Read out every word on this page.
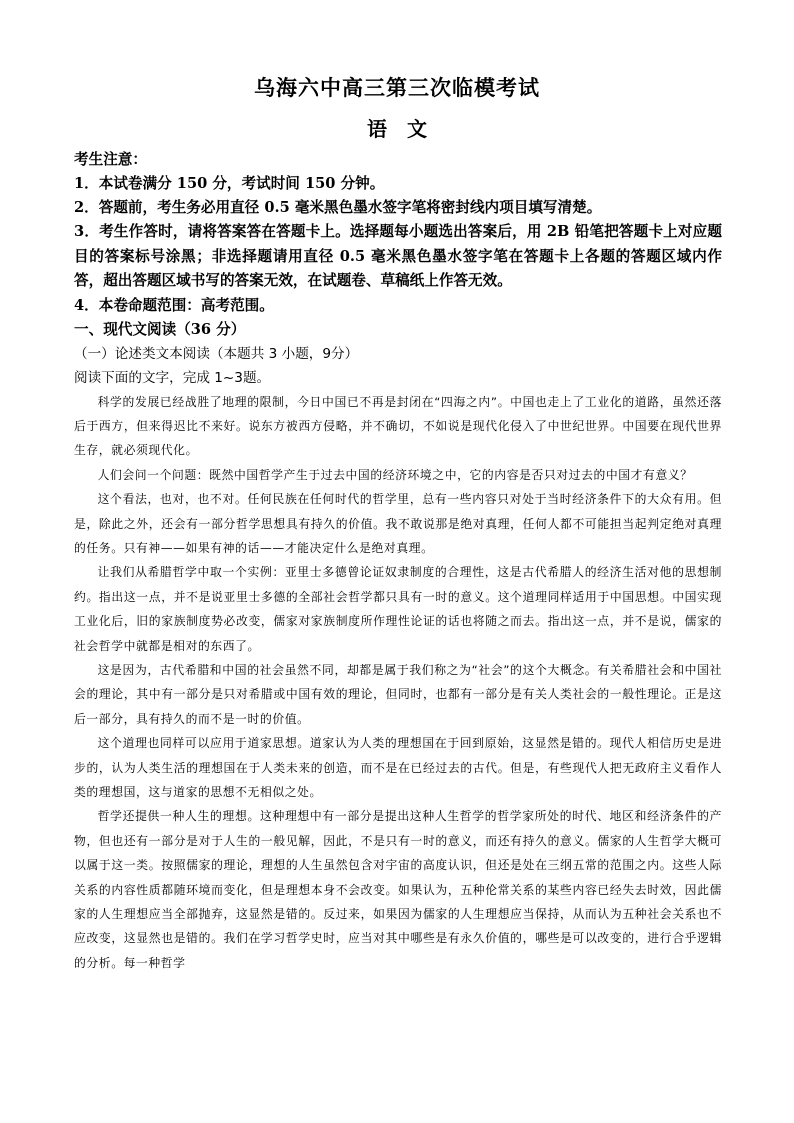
乌海六中高三第三次临模考试
语　文

考生注意：

1．本试卷满分 150 分，考试时间 150 分钟。

2．答题前，考生务必用直径 0.5 毫米黑色墨水签字笔将密封线内项目填写清楚。

3．考生作答时，请将答案答在答题卡上。选择题每小题选出答案后，用 2B 铅笔把答题卡上对应题目的答案标号涂黑；非选择题请用直径 0.5 毫米黑色墨水签字笔在答题卡上各题的答题区域内作答，超出答题区域书写的答案无效，在试题卷、草稿纸上作答无效。

4．本卷命题范围：高考范围。

一、现代文阅读（36 分）

（一）论述类文本阅读（本题共 3 小题，9分）

阅读下面的文字，完成 1~3题。

科学的发展已经战胜了地理的限制，今日中国已不再是封闭在“四海之内”。中国也走上了工业化的道路，虽然还落后于西方，但来得迟比不来好。说东方被西方侵略，并不确切，不如说是现代化侵入了中世纪世界。中国要在现代世界生存，就必须现代化。

人们会问一个问题：既然中国哲学产生于过去中国的经济环境之中，它的内容是否只对过去的中国才有意义？

这个看法，也对，也不对。任何民族在任何时代的哲学里，总有一些内容只对处于当时经济条件下的大众有用。但是，除此之外，还会有一部分哲学思想具有持久的价值。我不敢说那是绝对真理，任何人都不可能担当起判定绝对真理的任务。只有神——如果有神的话——才能决定什么是绝对真理。

让我们从希腊哲学中取一个实例：亚里士多德曾论证奴隶制度的合理性，这是古代希腊人的经济生活对他的思想制约。指出这一点，并不是说亚里士多德的全部社会哲学都只具有一时的意义。这个道理同样适用于中国思想。中国实现工业化后，旧的家族制度势必改变，儒家对家族制度所作理性论证的话也将随之而去。指出这一点，并不是说，儒家的社会哲学中就都是相对的东西了。

这是因为，古代希腊和中国的社会虽然不同，却都是属于我们称之为“社会”的这个大概念。有关希腊社会和中国社会的理论，其中有一部分是只对希腊或中国有效的理论，但同时，也都有一部分是有关人类社会的一般性理论。正是这后一部分，具有持久的而不是一时的价值。

这个道理也同样可以应用于道家思想。道家认为人类的理想国在于回到原始，这显然是错的。现代人相信历史是进步的，认为人类生活的理想国在于人类未来的创造，而不是在已经过去的古代。但是，有些现代人把无政府主义看作人类的理想国，这与道家的思想不无相似之处。

哲学还提供一种人生的理想。这种理想中有一部分是提出这种人生哲学的哲学家所处的时代、地区和经济条件的产物，但也还有一部分是对于人生的一般见解，因此，不是只有一时的意义，而还有持久的意义。儒家的人生哲学大概可以属于这一类。按照儒家的理论，理想的人生虽然包含对宇宙的高度认识，但还是处在三纲五常的范围之内。这些人际关系的内容性质都随环境而变化，但是理想本身不会改变。如果认为，五种伦常关系的某些内容已经失去时效，因此儒家的人生理想应当全部抛弃，这显然是错的。反过来，如果因为儒家的人生理想应当保持，从而认为五种社会关系也不应改变，这显然也是错的。我们在学习哲学史时，应当对其中哪些是有永久价值的，哪些是可以改变的，进行合乎逻辑的分析。每一种哲学
